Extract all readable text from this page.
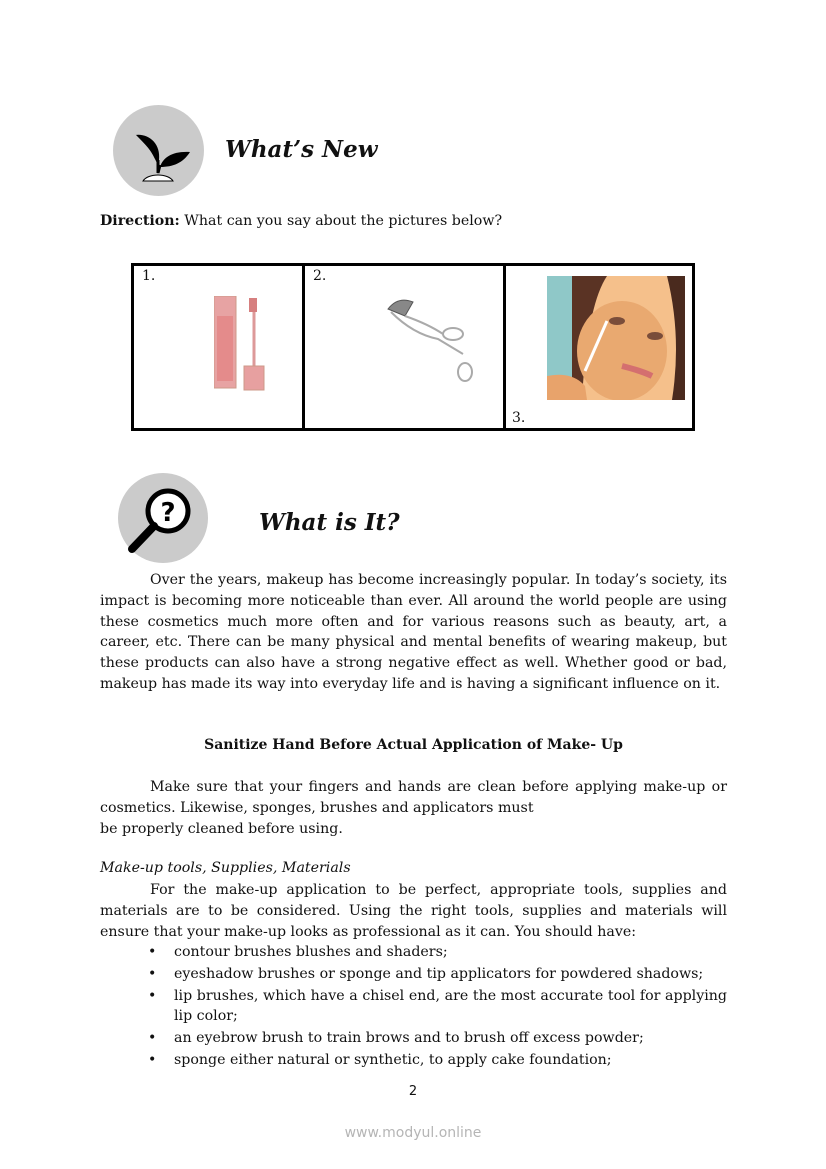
What’s New
Direction: What can you say about the pictures below?
1.	2.

3.
?	What is It?
Over the years, makeup has become increasingly popular. In today’s society, its impact is becoming more noticeable than ever. All around the world people are using these cosmetics much more often and for various reasons such as beauty, art, a career, etc. There can be many physical and mental benefits of wearing makeup, but these products can also have a strong negative effect as well. Whether good or bad, makeup has made its way into everyday life and is having a significant influence on it.
Sanitize Hand Before Actual Application of Make- Up
Make sure that your fingers and hands are clean before applying make-up or
cosmetics. Likewise, sponges, brushes and applicators must
be properly cleaned before using.
Make-up tools, Supplies, Materials
For the make-up application to be perfect, appropriate tools, supplies and materials are to be considered. Using the right tools, supplies and materials will ensure that your make-up looks as professional as it can. You should have:
• contour brushes blushes and shaders;
• eyeshadow brushes or sponge and tip applicators for powdered shadows;
• lip brushes, which have a chisel end, are the most accurate tool for applying lip color;
• an eyebrow brush to train brows and to brush off excess powder;
• sponge either natural or synthetic, to apply cake foundation;
2
www.modyul.online
